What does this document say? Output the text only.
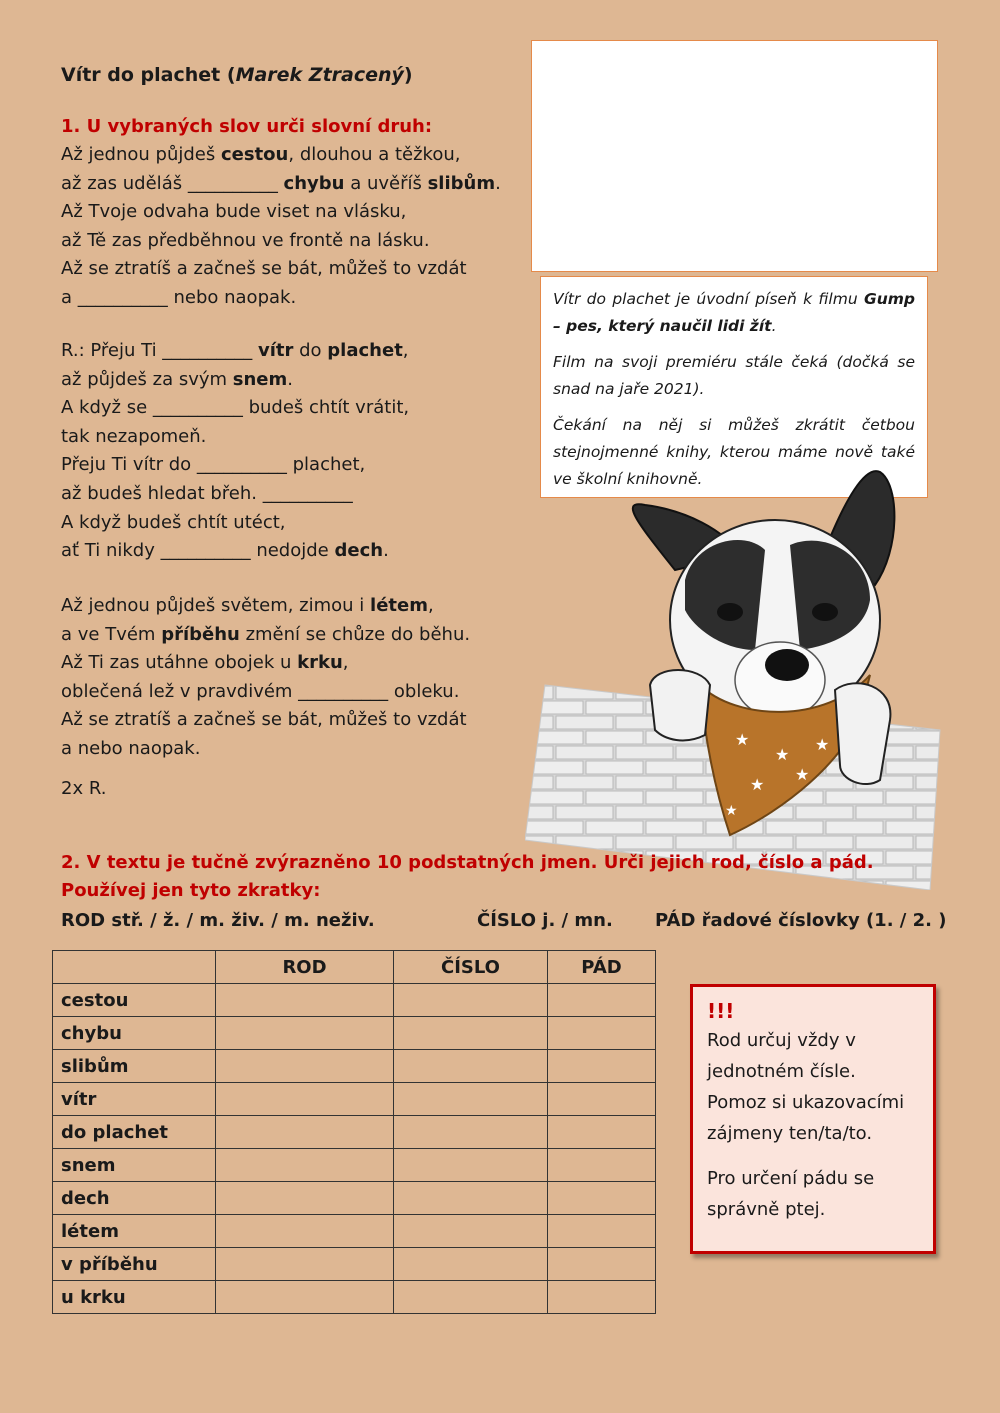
Vítr do plachet (Marek Ztracený)
1. U vybraných slov urči slovní druh:
Až jednou půjdeš cestou, dlouhou a těžkou,
až zas uděláš __________ chybu a uvěříš slibům.
Až Tvoje odvaha bude viset na vlásku,
až Tě zas předběhnou ve frontě na lásku.
Až se ztratíš a začneš se bát, můžeš to vzdát
a __________ nebo naopak.
R.: Přeju Ti __________ vítr do plachet,
až půjdeš za svým snem.
A když se __________ budeš chtít vrátit,
tak nezapomeň.
Přeju Ti vítr do __________ plachet,
až budeš hledat břeh. __________
A když budeš chtít utéct,
ať Ti nikdy __________ nedojde dech.
Až jednou půjdeš světem, zimou i létem,
a ve Tvém příběhu změní se chůze do běhu.
Až Ti zas utáhne obojek u krku,
oblečená lež v pravdivém __________ obleku.
Až se ztratíš a začneš se bát, můžeš to vzdát
a nebo naopak.
2x R.

Vítr do plachet je úvodní píseň k filmu Gump – pes, který naučil lidi žít.

Film na svoji premiéru stále čeká (dočká se snad na jaře 2021).

Čekání na něj si můžeš zkrátit četbou stejnojmenné knihy, kterou máme nově také ve školní knihovně.

★
★
★
★
★
★
2. V textu je tučně zvýrazněno 10 podstatných jmen. Urči jejich rod, číslo a pád.
Používej jen tyto zkratky:
ROD stř. / ž. / m. živ. / m. neživ.	ČÍSLO j. / mn. PÁD řadové číslovky (1. / 2. )
	ROD	ČÍSLO	PÁD
cestou			
chybu			
slibům			
vítr			
do plachet			
snem			
dech			
létem			
v příběhu			
u krku			
!!!

Rod určuj vždy v jednotném čísle. Pomoz si ukazovacími zájmeny ten/ta/to.

Pro určení pádu se správně ptej.
